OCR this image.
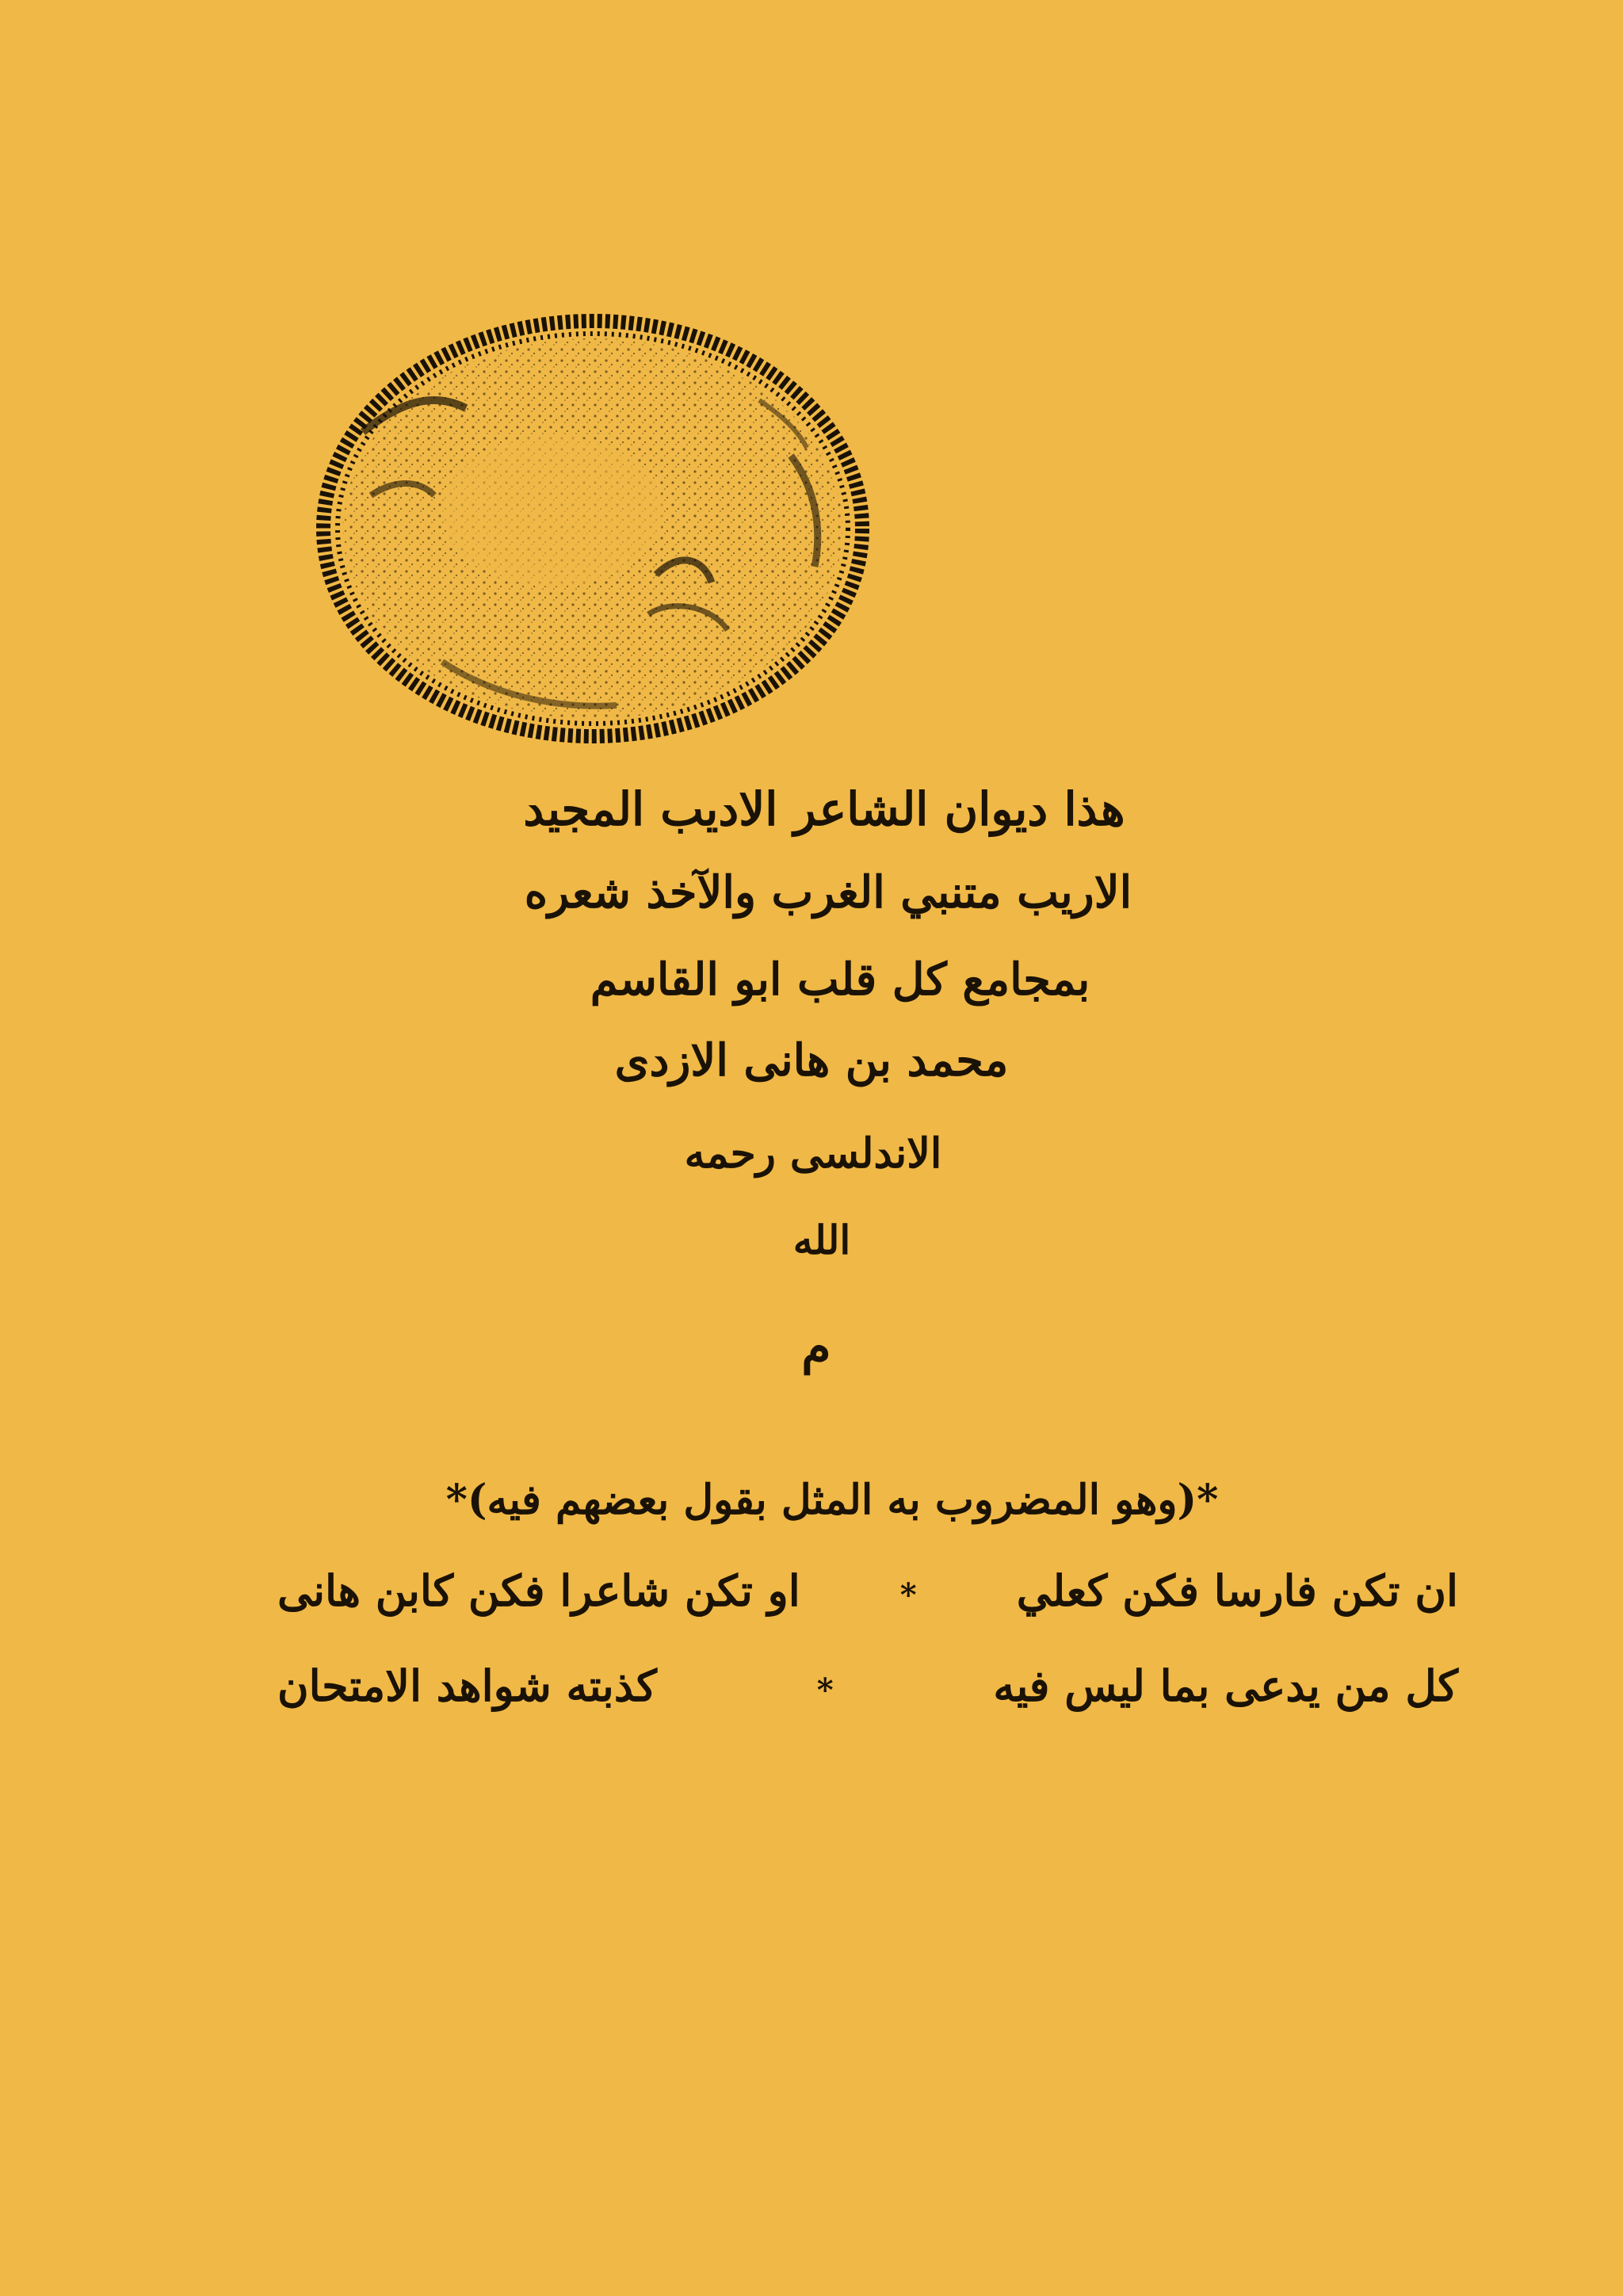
هذا ديوان الشاعر الاديب المجيد
الاريب متنبي الغرب والآخذ شعره
بمجامع كل قلب ابو القاسم
محمد بن هانى الازدى
الاندلسى رحمه
الله
م
*(وهو المضروب به المثل بقول بعضهم فيه)*
ان تكن فارسا فكن كعلي
*
او تكن شاعرا فكن كابن هانى
كل من يدعى بما ليس فيه
*
كذبته شواهد الامتحان
